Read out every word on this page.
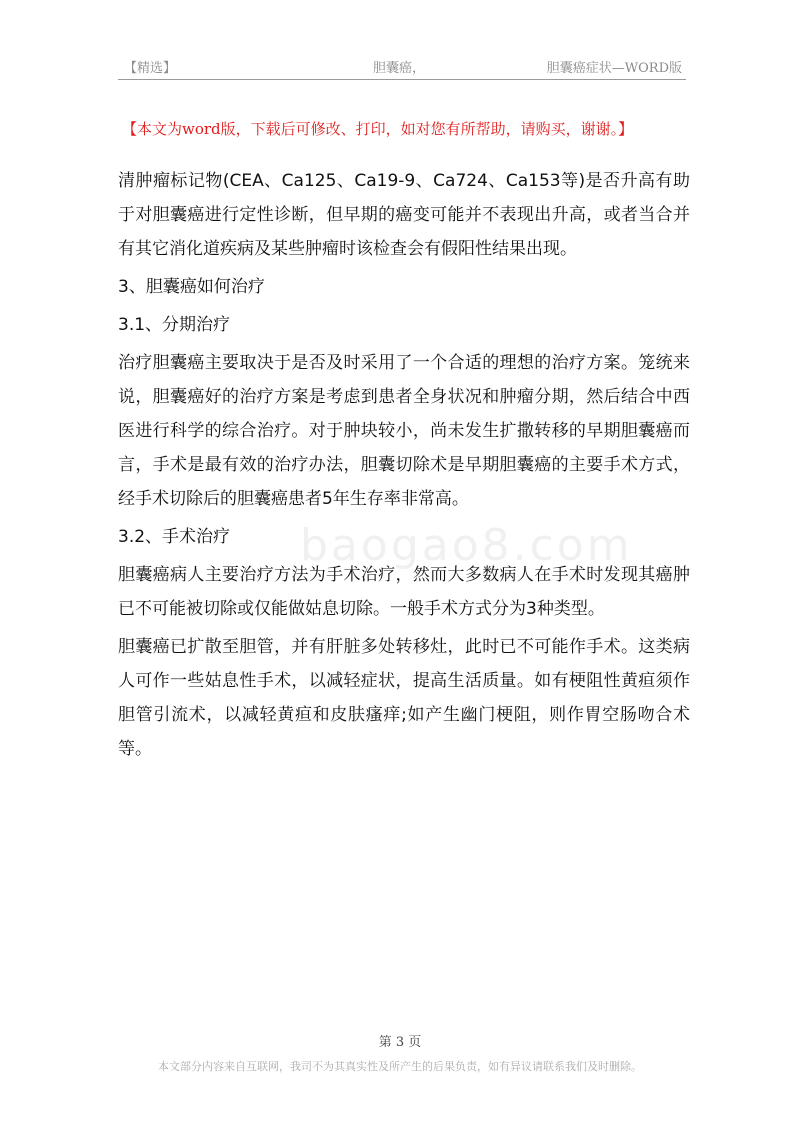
【精选】	胆囊癌，	胆囊癌症状—WORD版
【本文为word版，下载后可修改、打印，如对您有所帮助，请购买，谢谢。】
baogao8.com

清肿瘤标记物(CEA、Ca125、Ca19-9、Ca724、Ca153等)是否升高有助于对胆囊癌进行定性诊断，但早期的癌变可能并不表现出升高，或者当合并有其它消化道疾病及某些肿瘤时该检查会有假阳性结果出现。

3、胆囊癌如何治疗

3.1、分期治疗

治疗胆囊癌主要取决于是否及时采用了一个合适的理想的治疗方案。笼统来说，胆囊癌好的治疗方案是考虑到患者全身状况和肿瘤分期，然后结合中西医进行科学的综合治疗。对于肿块较小，尚未发生扩撒转移的早期胆囊癌而言，手术是最有效的治疗办法，胆囊切除术是早期胆囊癌的主要手术方式，经手术切除后的胆囊癌患者5年生存率非常高。

3.2、手术治疗

胆囊癌病人主要治疗方法为手术治疗，然而大多数病人在手术时发现其癌肿已不可能被切除或仅能做姑息切除。一般手术方式分为3种类型。

胆囊癌已扩散至胆管，并有肝脏多处转移灶，此时已不可能作手术。这类病人可作一些姑息性手术，以减轻症状，提高生活质量。如有梗阻性黄疸须作胆管引流术，以减轻黄疸和皮肤瘙痒;如产生幽门梗阻，则作胃空肠吻合术等。

第 3 页
本文部分内容来自互联网，我司不为其真实性及所产生的后果负责，如有异议请联系我们及时删除。
